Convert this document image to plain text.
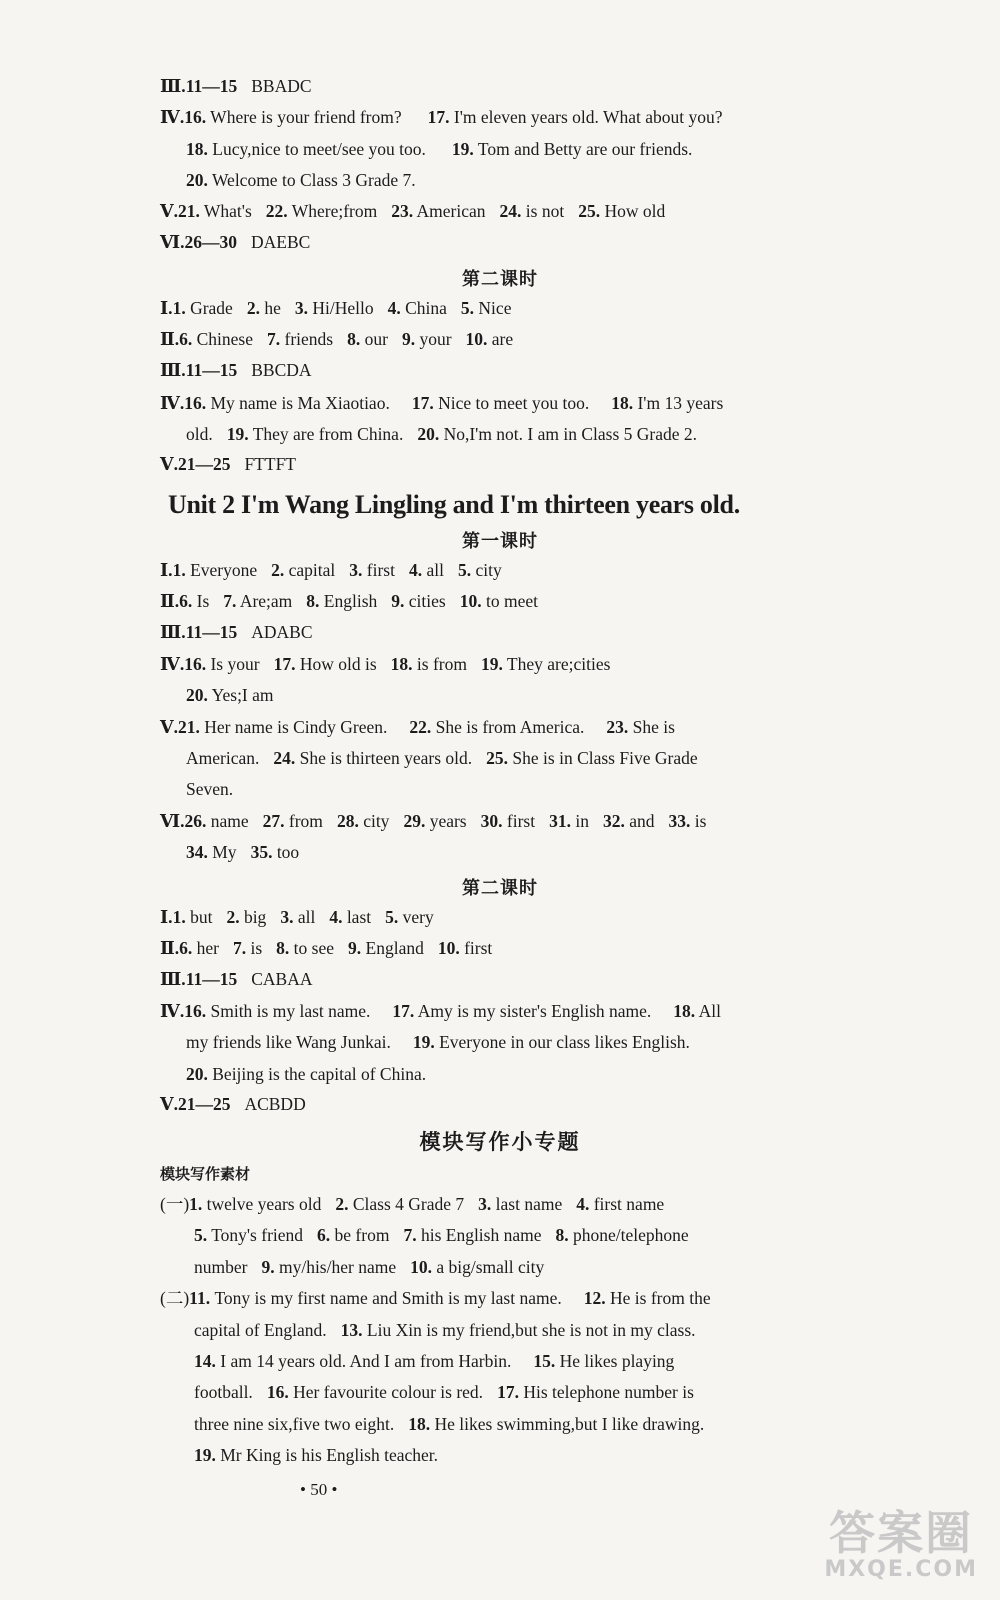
Ⅲ.11—15 BBADC
Ⅳ.16. Where is your friend from? 17. I'm eleven years old. What about you?
18. Lucy,nice to meet/see you too. 19. Tom and Betty are our friends.
20. Welcome to Class 3 Grade 7.
Ⅴ.21. What's 22. Where;from 23. American 24. is not 25. How old
Ⅵ.26—30 DAEBC
第二课时
Ⅰ.1. Grade 2. he 3. Hi/Hello 4. China 5. Nice
Ⅱ.6. Chinese 7. friends 8. our 9. your 10. are
Ⅲ.11—15 BBCDA
Ⅳ.16. My name is Ma Xiaotiao. 17. Nice to meet you too. 18. I'm 13 years
old. 19. They are from China. 20. No,I'm not. I am in Class 5 Grade 2.
Ⅴ.21—25 FTTFT
Unit 2 I'm Wang Lingling and I'm thirteen years old.
第一课时
Ⅰ.1. Everyone 2. capital 3. first 4. all 5. city
Ⅱ.6. Is 7. Are;am 8. English 9. cities 10. to meet
Ⅲ.11—15 ADABC
Ⅳ.16. Is your 17. How old is 18. is from 19. They are;cities
20. Yes;I am
Ⅴ.21. Her name is Cindy Green. 22. She is from America. 23. She is
American. 24. She is thirteen years old. 25. She is in Class Five Grade
Seven.
Ⅵ.26. name 27. from 28. city 29. years 30. first 31. in 32. and 33. is
34. My 35. too
第二课时
Ⅰ.1. but 2. big 3. all 4. last 5. very
Ⅱ.6. her 7. is 8. to see 9. England 10. first
Ⅲ.11—15 CABAA
Ⅳ.16. Smith is my last name. 17. Amy is my sister's English name. 18. All
my friends like Wang Junkai. 19. Everyone in our class likes English.
20. Beijing is the capital of China.
Ⅴ.21—25 ACBDD
模块写作小专题
模块写作素材
(一)1. twelve years old 2. Class 4 Grade 7 3. last name 4. first name
5. Tony's friend 6. be from 7. his English name 8. phone/telephone
number 9. my/his/her name 10. a big/small city
(二)11. Tony is my first name and Smith is my last name. 12. He is from the
capital of England. 13. Liu Xin is my friend,but she is not in my class.
14. I am 14 years old. And I am from Harbin. 15. He likes playing
football. 16. Her favourite colour is red. 17. His telephone number is
three nine six,five two eight. 18. He likes swimming,but I like drawing.
19. Mr King is his English teacher.
• 50 •
答案圈
MXQE.COM
